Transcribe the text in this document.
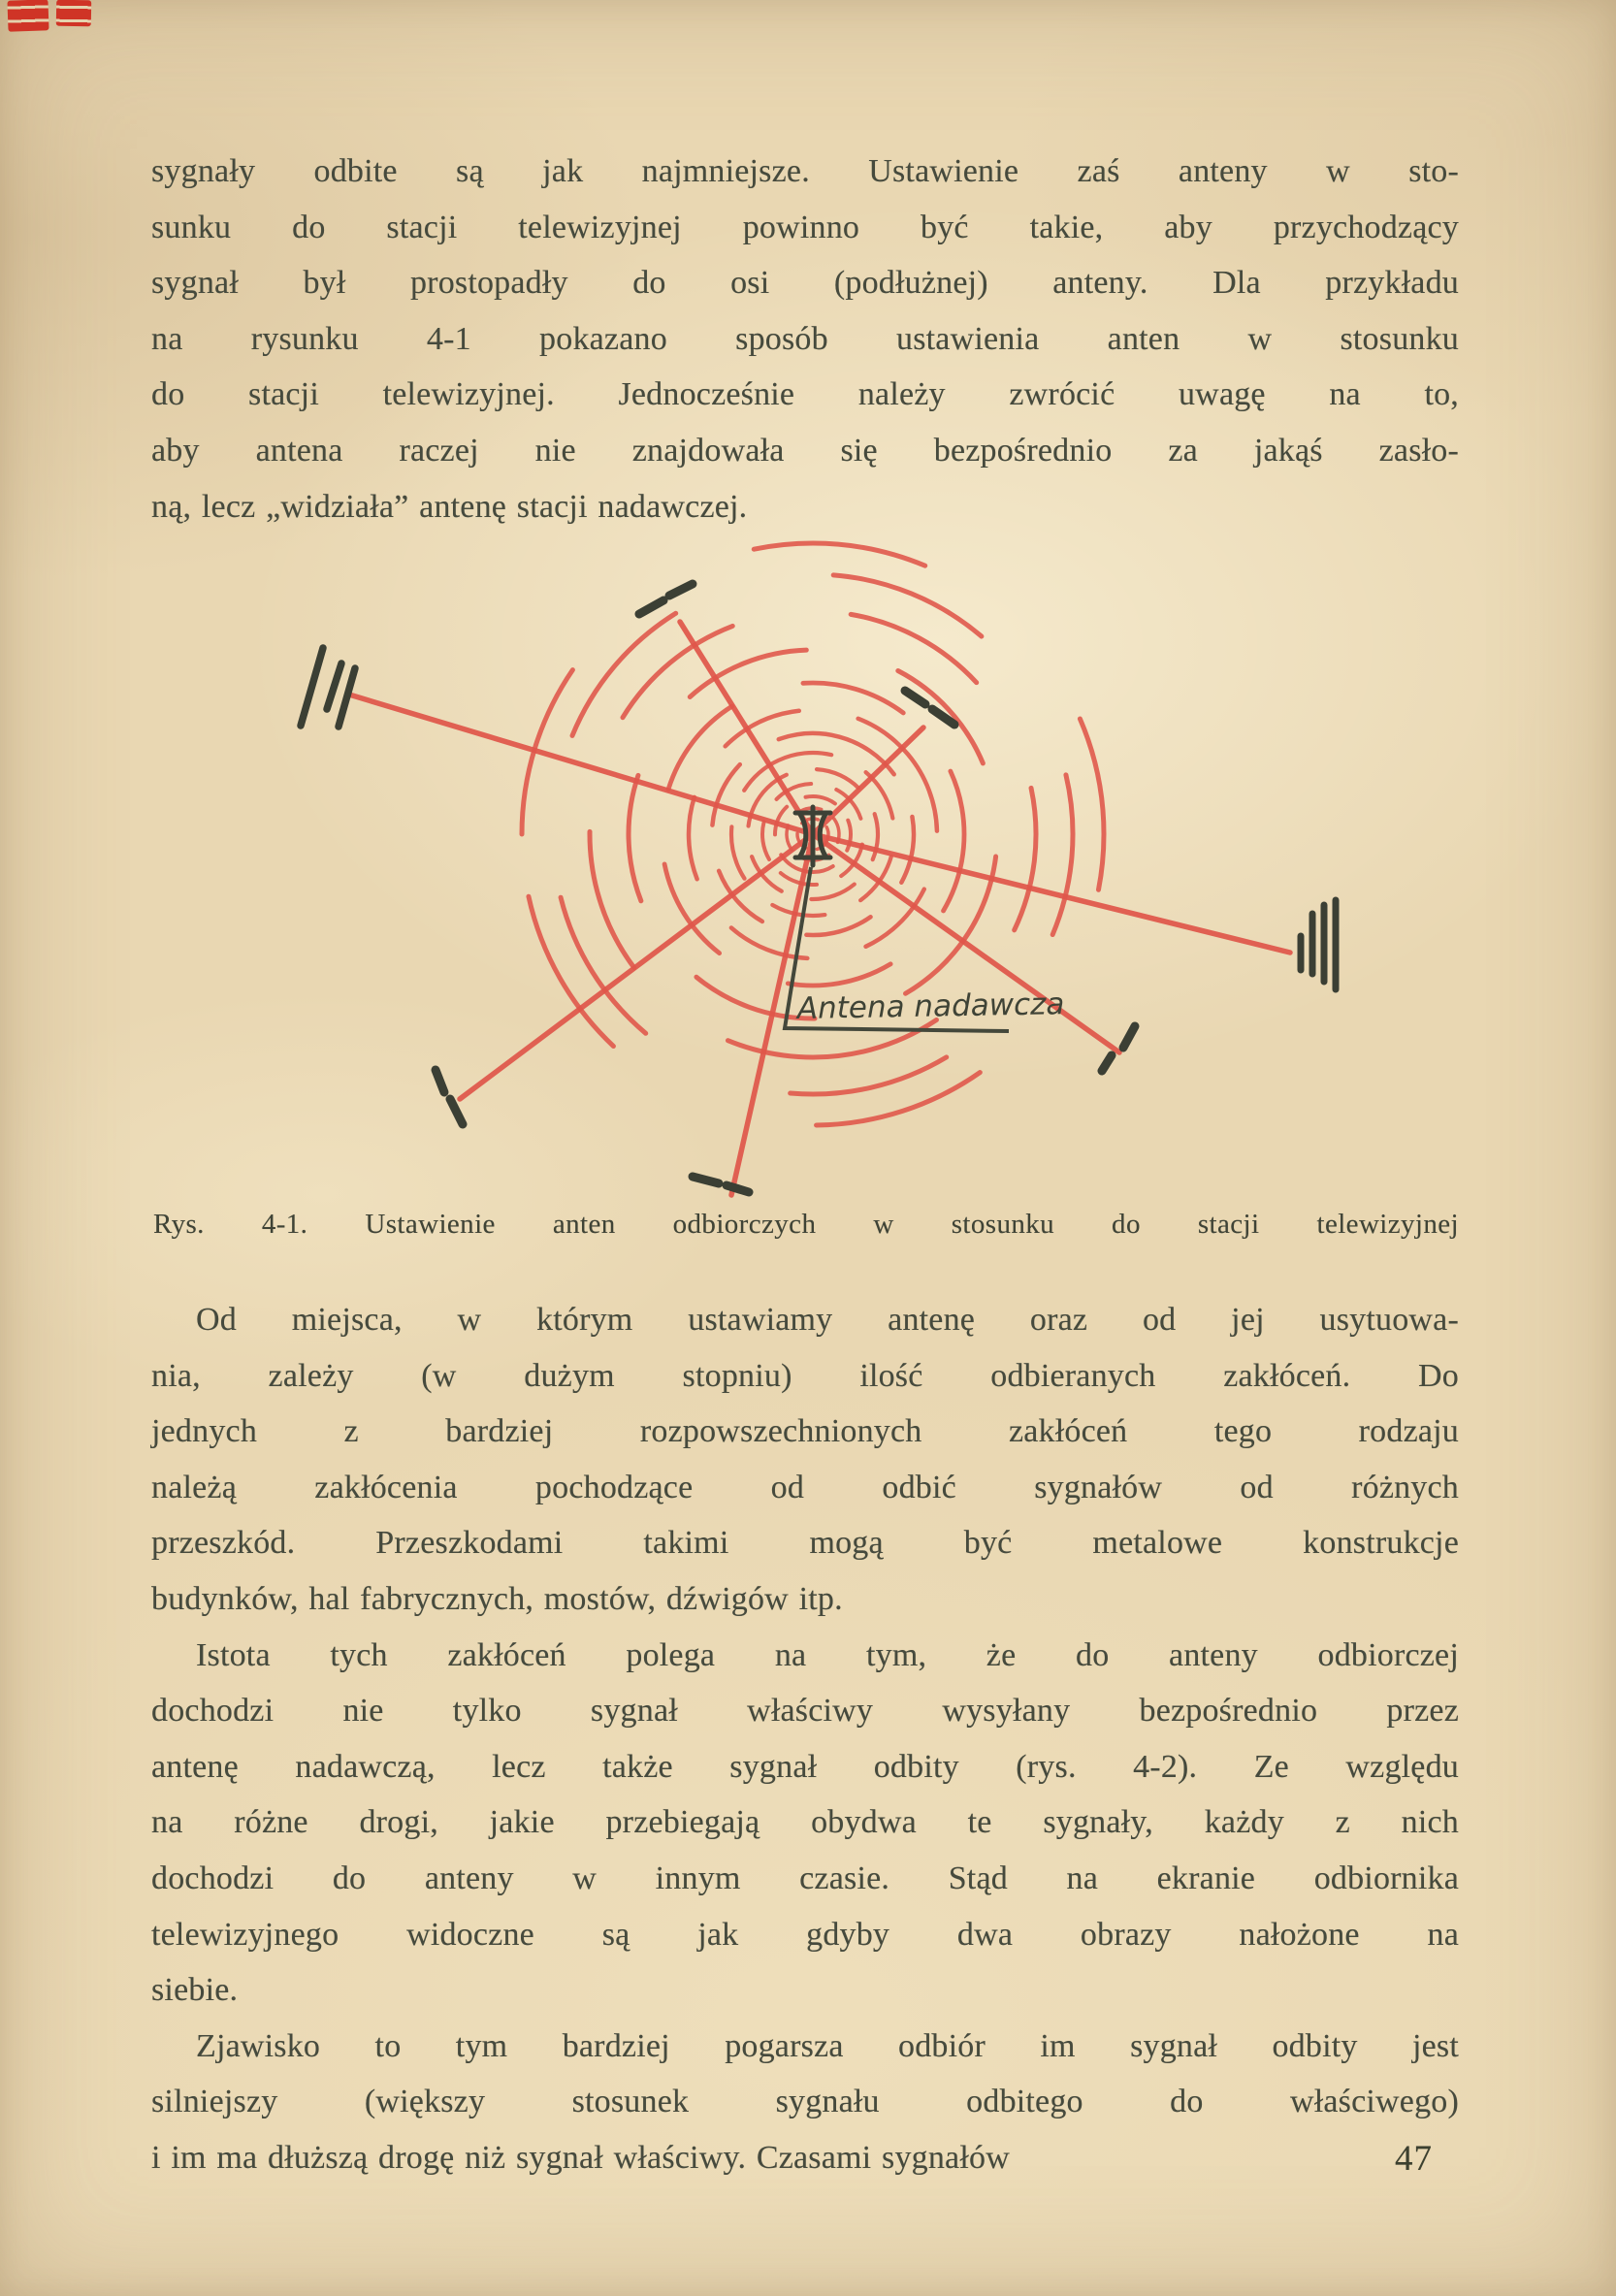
sygnały odbite są jak najmniejsze. Ustawienie zaś anteny w sto-
sunku do stacji telewizyjnej powinno być takie, aby przychodzący
sygnał był prostopadły do osi (podłużnej) anteny. Dla przykładu
na rysunku 4-1 pokazano sposób ustawienia anten w stosunku
do stacji telewizyjnej. Jednocześnie należy zwrócić uwagę na to,
aby antena raczej nie znajdowała się bezpośrednio za jakąś zasło-
ną, lecz „widziała” antenę stacji nadawczej.
Antena nadawcza
Rys. 4-1. Ustawienie anten odbiorczych w stosunku do stacji telewizyjnej
Od miejsca, w którym ustawiamy antenę oraz od jej usytuowa-
nia, zależy (w dużym stopniu) ilość odbieranych zakłóceń. Do
jednych z bardziej rozpowszechnionych zakłóceń tego rodzaju
należą zakłócenia pochodzące od odbić sygnałów od różnych
przeszkód. Przeszkodami takimi mogą być metalowe konstrukcje
budynków, hal fabrycznych, mostów, dźwigów itp.
Istota tych zakłóceń polega na tym, że do anteny odbiorczej
dochodzi nie tylko sygnał właściwy wysyłany bezpośrednio przez
antenę nadawczą, lecz także sygnał odbity (rys. 4-2). Ze względu
na różne drogi, jakie przebiegają obydwa te sygnały, każdy z nich
dochodzi do anteny w innym czasie. Stąd na ekranie odbiornika
telewizyjnego widoczne są jak gdyby dwa obrazy nałożone na
siebie.
Zjawisko to tym bardziej pogarsza odbiór im sygnał odbity jest
silniejszy (większy stosunek sygnału odbitego do właściwego)
i im ma dłuższą drogę niż sygnał właściwy. Czasami sygnałów	47
